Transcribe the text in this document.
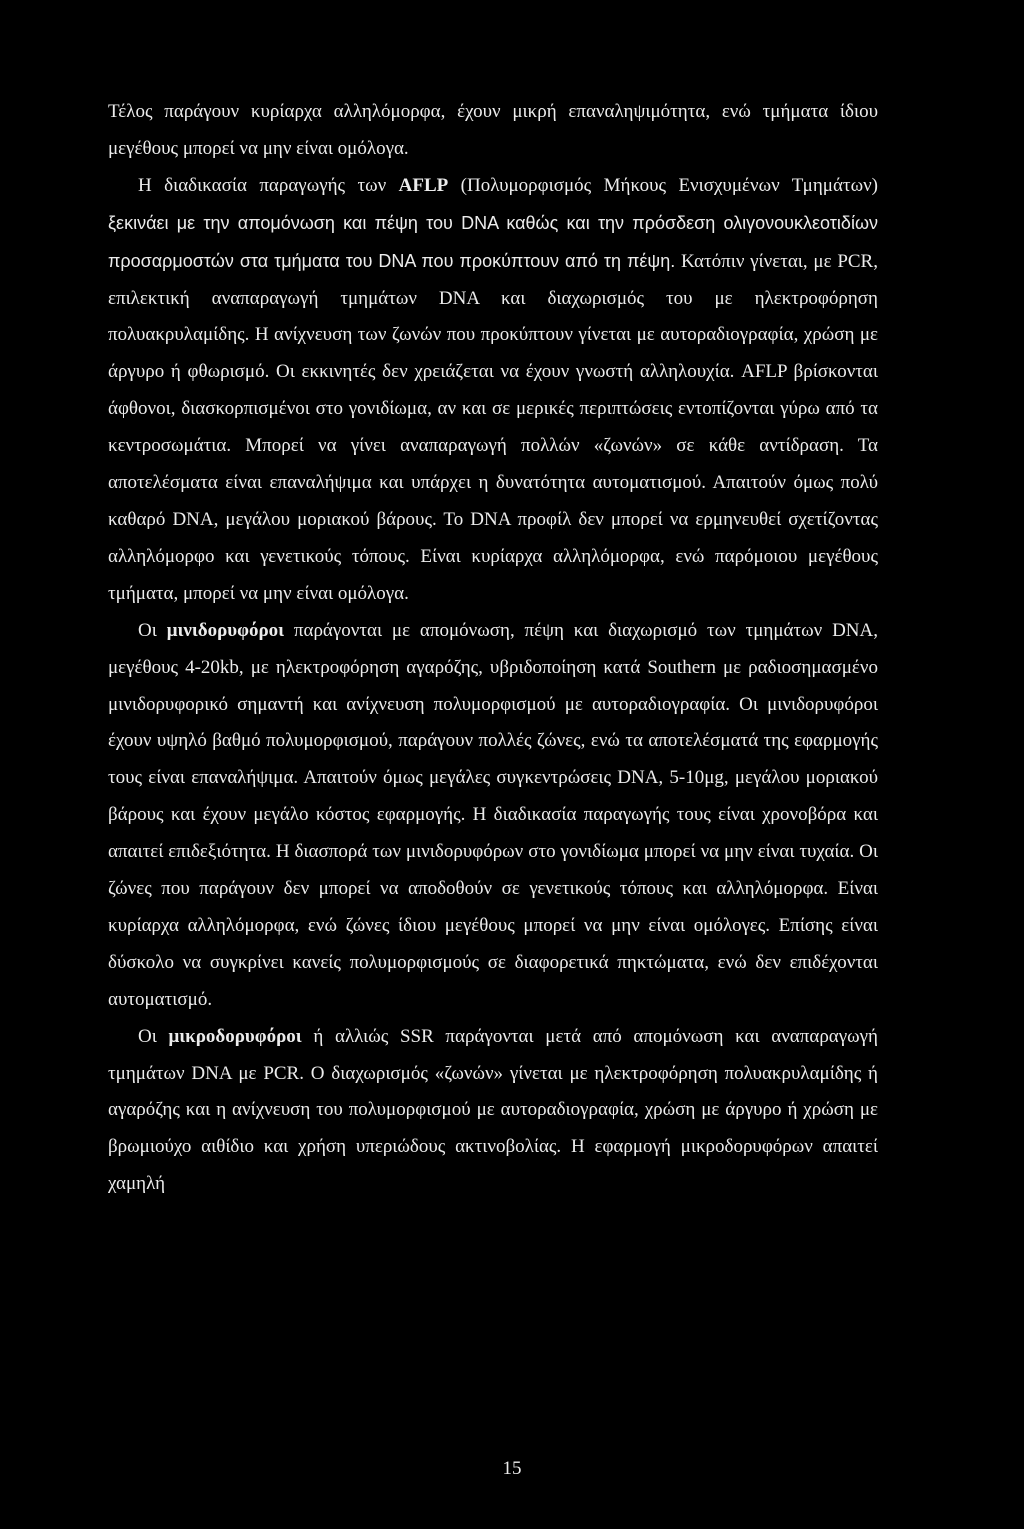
Τέλος παράγουν κυρίαρχα αλληλόμορφα, έχουν μικρή επαναληψιμότητα, ενώ τμήματα ίδιου μεγέθους μπορεί να μην είναι ομόλογα.

Η διαδικασία παραγωγής των AFLP (Πολυμορφισμός Μήκους Ενισχυμένων Τμημάτων) ξεκινάει με την απομόνωση και πέψη του DNA καθώς και την πρόσδεση ολιγονουκλεοτιδίων προσαρμοστών στα τμήματα του DNA που προκύπτουν από τη πέψη. Κατόπιν γίνεται, με PCR, επιλεκτική αναπαραγωγή τμημάτων DNA και διαχωρισμός του με ηλεκτροφόρηση πολυακρυλαμίδης. Η ανίχνευση των ζωνών που προκύπτουν γίνεται με αυτοραδιογραφία, χρώση με άργυρο ή φθωρισμό. Οι εκκινητές δεν χρειάζεται να έχουν γνωστή αλληλουχία. AFLP βρίσκονται άφθονοι, διασκορπισμένοι στο γονιδίωμα, αν και σε μερικές περιπτώσεις εντοπίζονται γύρω από τα κεντροσωμάτια. Μπορεί να γίνει αναπαραγωγή πολλών «ζωνών» σε κάθε αντίδραση. Τα αποτελέσματα είναι επαναλήψιμα και υπάρχει η δυνατότητα αυτοματισμού. Απαιτούν όμως πολύ καθαρό DNA, μεγάλου μοριακού βάρους. Το DNA προφίλ δεν μπορεί να ερμηνευθεί σχετίζοντας αλληλόμορφο και γενετικούς τόπους. Είναι κυρίαρχα αλληλόμορφα, ενώ παρόμοιου μεγέθους τμήματα, μπορεί να μην είναι ομόλογα.

Οι μινιδορυφόροι παράγονται με απομόνωση, πέψη και διαχωρισμό των τμημάτων DNA, μεγέθους 4-20kb, με ηλεκτροφόρηση αγαρόζης, υβριδοποίηση κατά Southern με ραδιοσημασμένο μινιδορυφορικό σημαντή και ανίχνευση πολυμορφισμού με αυτοραδιογραφία. Οι μινιδορυφόροι έχουν υψηλό βαθμό πολυμορφισμού, παράγουν πολλές ζώνες, ενώ τα αποτελέσματά της εφαρμογής τους είναι επαναλήψιμα. Απαιτούν όμως μεγάλες συγκεντρώσεις DNA, 5-10μg, μεγάλου μοριακού βάρους και έχουν μεγάλο κόστος εφαρμογής. Η διαδικασία παραγωγής τους είναι χρονοβόρα και απαιτεί επιδεξιότητα. Η διασπορά των μινιδορυφόρων στο γονιδίωμα μπορεί να μην είναι τυχαία. Οι ζώνες που παράγουν δεν μπορεί να αποδοθούν σε γενετικούς τόπους και αλληλόμορφα. Είναι κυρίαρχα αλληλόμορφα, ενώ ζώνες ίδιου μεγέθους μπορεί να μην είναι ομόλογες. Επίσης είναι δύσκολο να συγκρίνει κανείς πολυμορφισμούς σε διαφορετικά πηκτώματα, ενώ δεν επιδέχονται αυτοματισμό.

Οι μικροδορυφόροι ή αλλιώς SSR παράγονται μετά από απομόνωση και αναπαραγωγή τμημάτων DNA με PCR. Ο διαχωρισμός «ζωνών» γίνεται με ηλεκτροφόρηση πολυακρυλαμίδης ή αγαρόζης και η ανίχνευση του πολυμορφισμού με αυτοραδιογραφία, χρώση με άργυρο ή χρώση με βρωμιούχο αιθίδιο και χρήση υπεριώδους ακτινοβολίας. Η εφαρμογή μικροδορυφόρων απαιτεί χαμηλή

15
